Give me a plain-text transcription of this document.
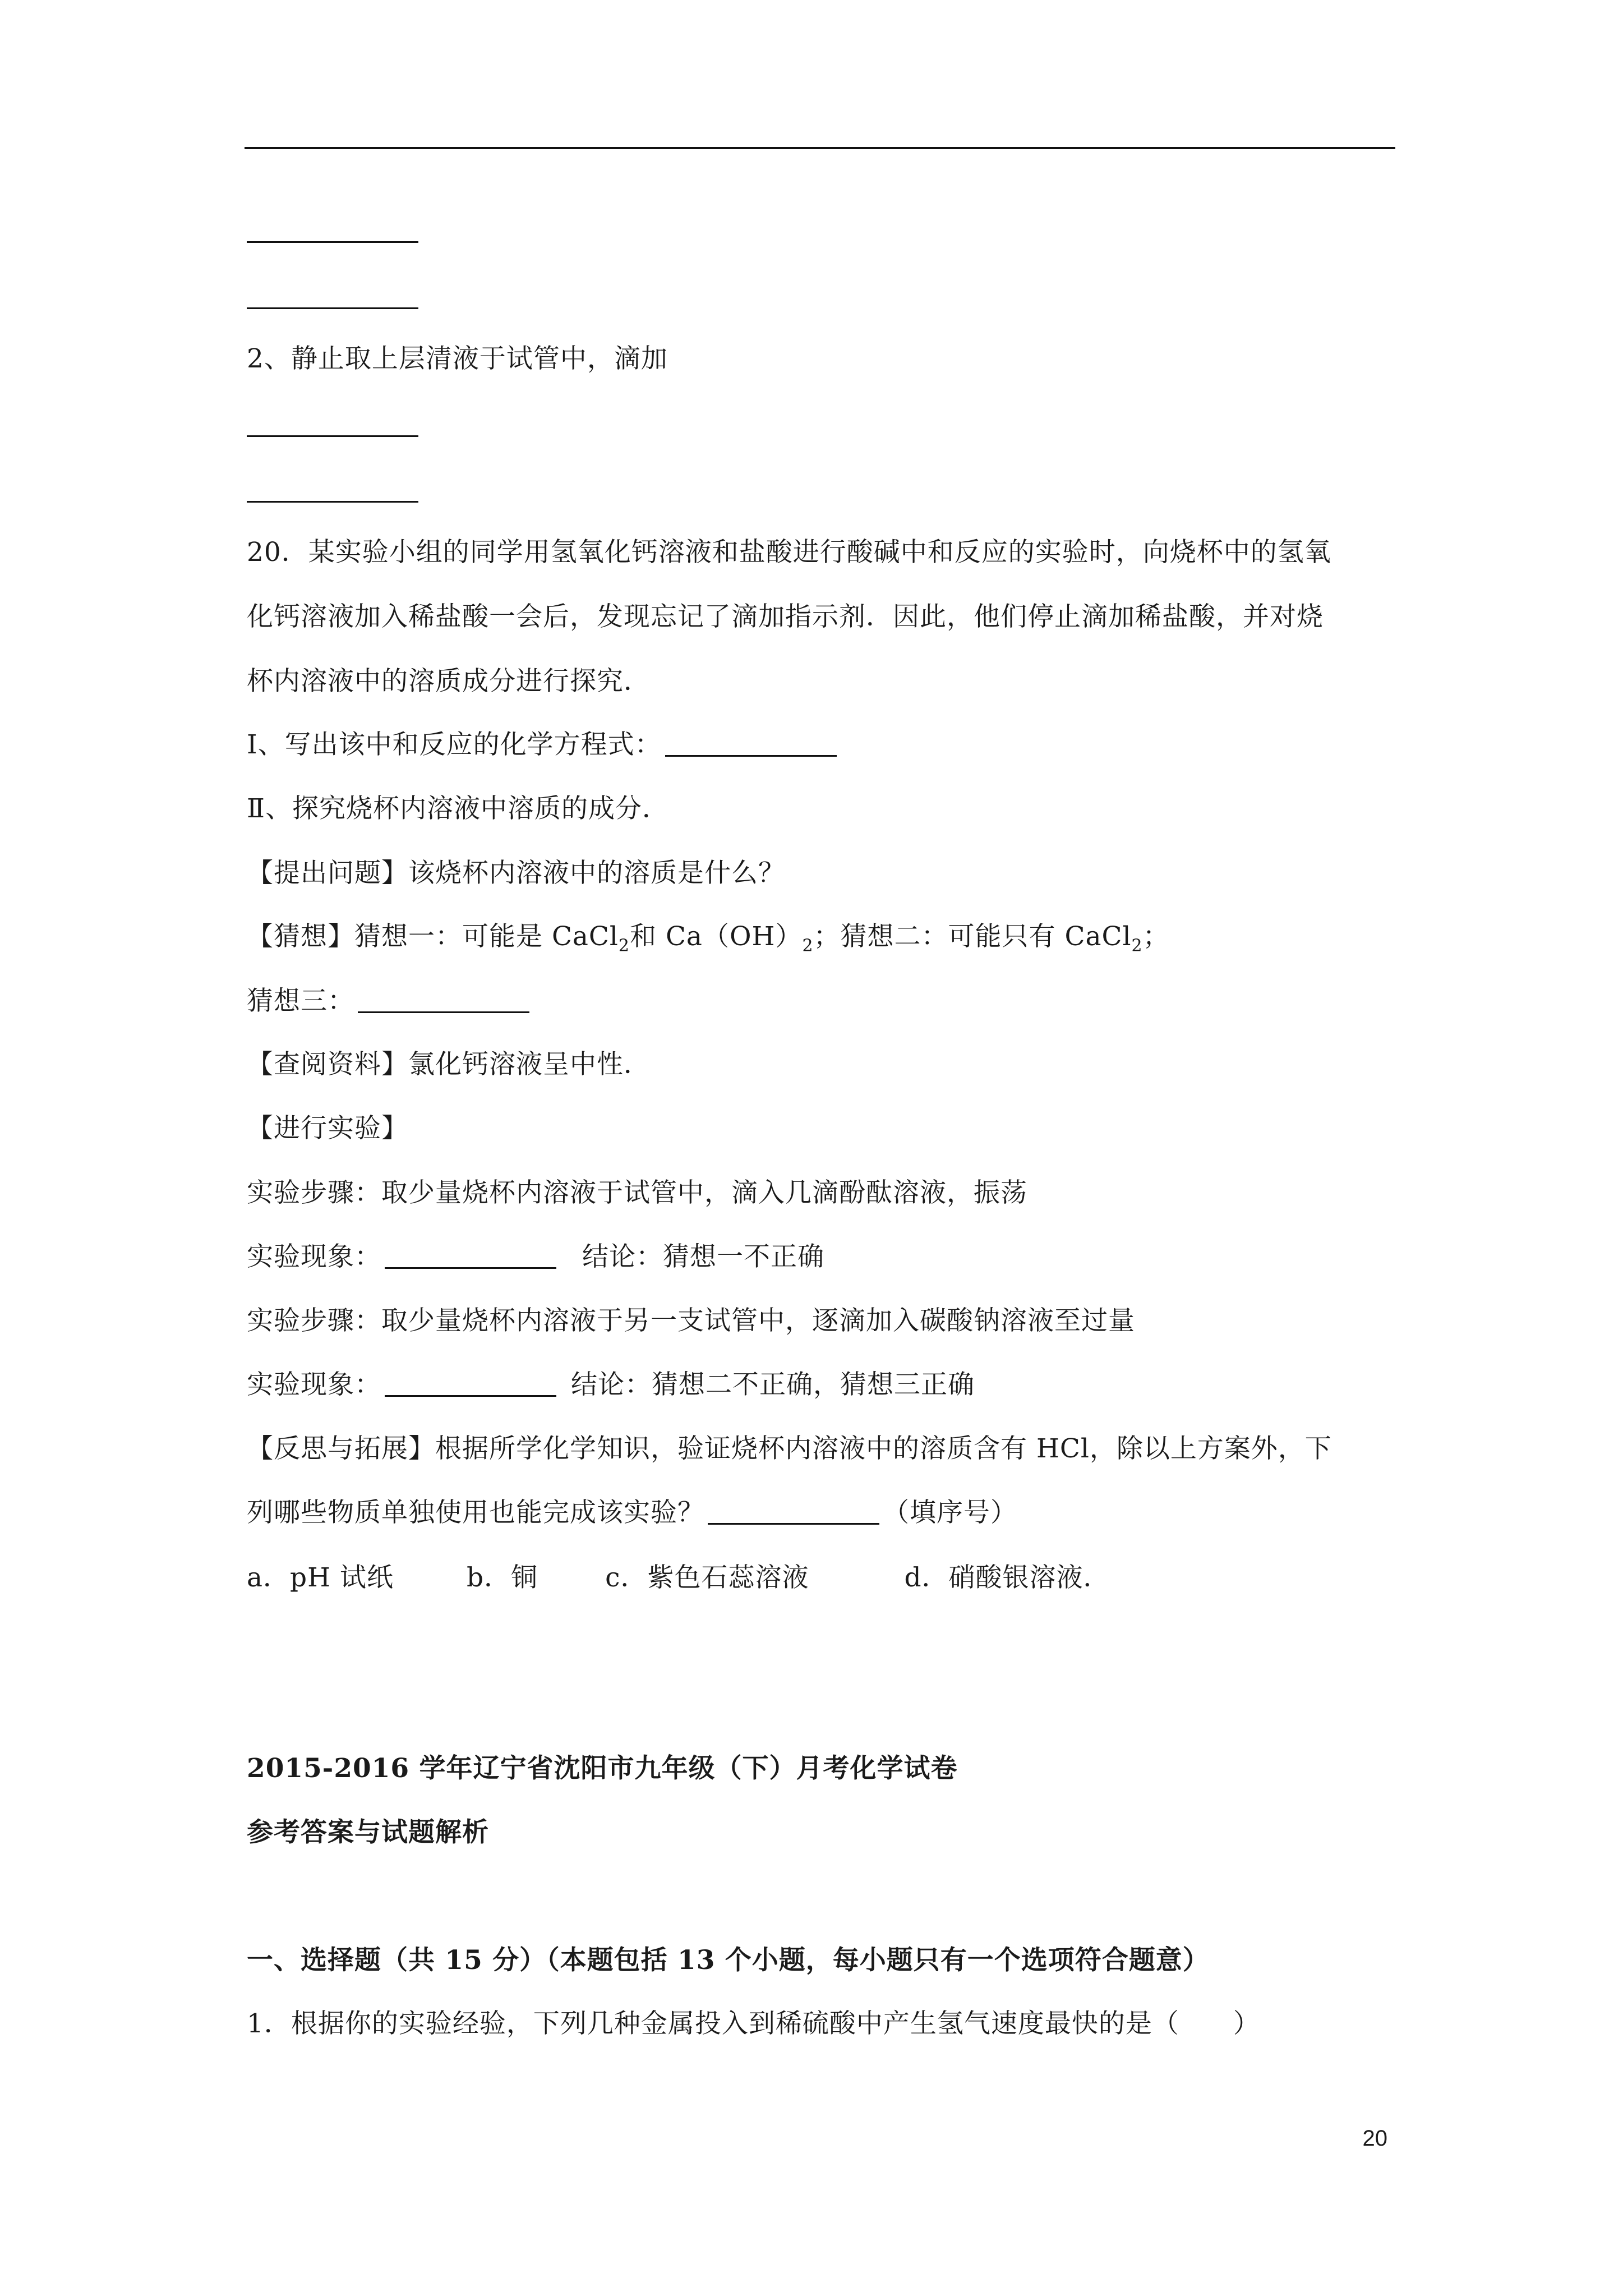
2、静止取上层清液于试管中，滴加
20．某实验小组的同学用氢氧化钙溶液和盐酸进行酸碱中和反应的实验时，向烧杯中的氢氧
化钙溶液加入稀盐酸一会后，发现忘记了滴加指示剂．因此，他们停止滴加稀盐酸，并对烧
杯内溶液中的溶质成分进行探究．
Ⅰ、写出该中和反应的化学方程式：
Ⅱ、探究烧杯内溶液中溶质的成分．
【提出问题】该烧杯内溶液中的溶质是什么？
【猜想】猜想一：可能是 CaCl$_2$和 $Ca(OH)_2$；猜想二：可能只有 CaCl$_2$；
猜想三：
【查阅资料】氯化钙溶液呈中性．
【进行实验】
实验步骤：取少量烧杯内溶液于试管中，滴入几滴酚酞溶液，振荡
实验现象：	结论：猜想一不正确
实验步骤：取少量烧杯内溶液于另一支试管中，逐滴加入碳酸钠溶液至过量
实验现象：	结论：猜想二不正确，猜想三正确
【反思与拓展】根据所学化学知识，验证烧杯内溶液中的溶质含有 HCl，除以上方案外，下
列哪些物质单独使用也能完成该实验？	（填序号）
a．pH 试纸	b．铜	c．紫色石蕊溶液	d．硝酸银溶液．
2015-2016 学年辽宁省沈阳市九年级（下）月考化学试卷
参考答案与试题解析
一、选择题（共 15 分）（本题包括 13 个小题，每小题只有一个选项符合题意）
1．根据你的实验经验，下列几种金属投入到稀硫酸中产生氢气速度最快的是（　　）
20
